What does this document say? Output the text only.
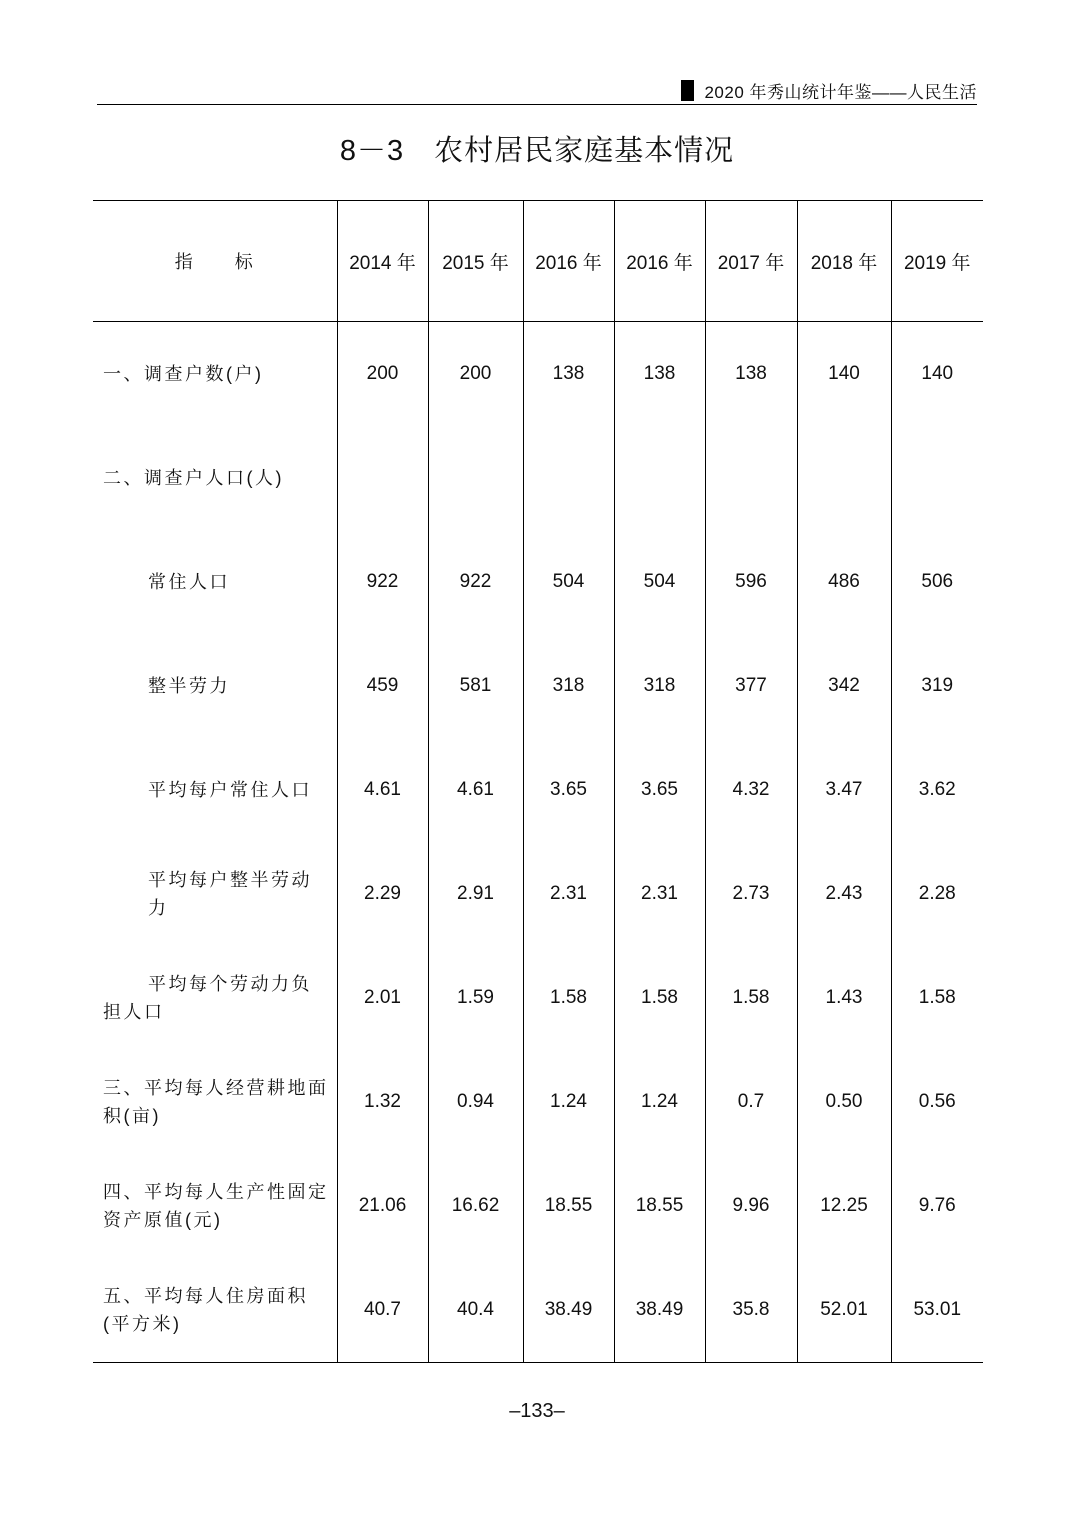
2020 年秀山统计年鉴——人民生活
8－3　农村居民家庭基本情况
指　　标	2014 年	2015 年	2016 年	2016 年	2017 年	2018 年	2019 年
一、调查户数(户)	200	200	138	138	138	140	140
二、调查户人口(人)							
常住人口	922	922	504	504	596	486	506
整半劳力	459	581	318	318	377	342	319
平均每户常住人口	4.61	4.61	3.65	3.65	4.32	3.47	3.62
平均每户整半劳动力	2.29	2.91	2.31	2.31	2.73	2.43	2.28
平均每个劳动力负担人口	2.01	1.59	1.58	1.58	1.58	1.43	1.58
三、平均每人经营耕地面积(亩)	1.32	0.94	1.24	1.24	0.7	0.50	0.56
四、平均每人生产性固定资产原值(元)	21.06	16.62	18.55	18.55	9.96	12.25	9.76
五、平均每人住房面积(平方米)	40.7	40.4	38.49	38.49	35.8	52.01	53.01
–133–
